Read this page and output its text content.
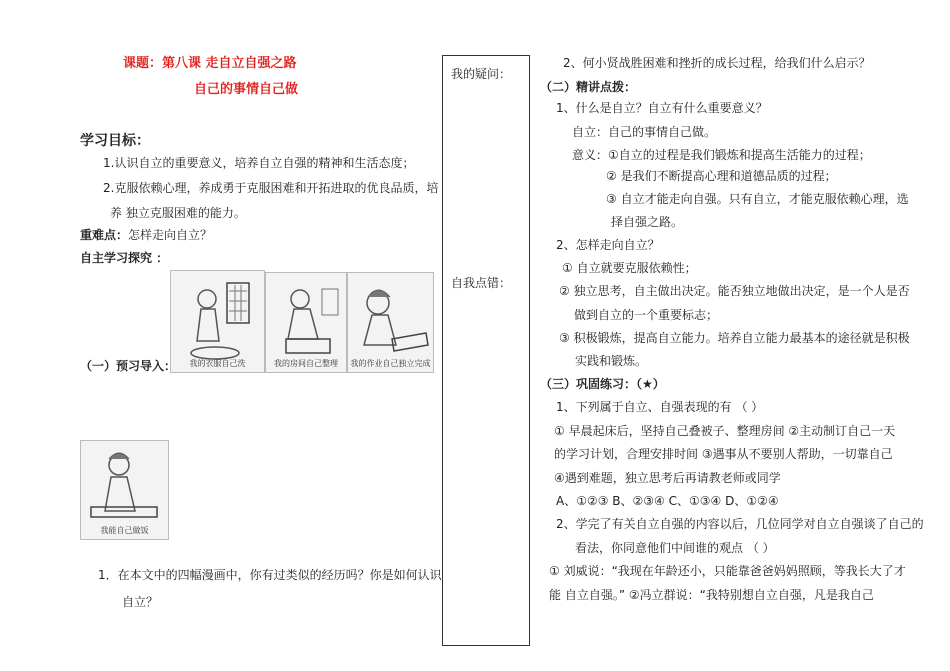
课题：第八课 走自立自强之路
自己的事情自己做
学习目标：
1.认识自立的重要意义，培养自立自强的精神和生活态度；
2.克服依赖心理，养成勇于克服困难和开拓进取的优良品质，培
养 独立克服困难的能力。
重难点：怎样走向自立？
自主学习探究 ：
我的衣服自己洗	我的房间自己整理	我的作业自己独立完成
（一）预习导入：
我能自己做饭
1．在本文中的四幅漫画中，你有过类似的经历吗？你是如何认识
自立？
我的疑问：
自我点错：
2、何小贤战胜困难和挫折的成长过程，给我们什么启示？
（二）精讲点拨：
1、什么是自立？自立有什么重要意义？
自立：自己的事情自己做。
意义：①自立的过程是我们锻炼和提高生活能力的过程；
② 是我们不断提高心理和道德品质的过程；
③ 自立才能走向自强。只有自立，才能克服依赖心理，选
择自强之路。
2、怎样走向自立？
① 自立就要克服依赖性；
② 独立思考，自主做出决定。能否独立地做出决定，是一个人是否
做到自立的一个重要标志；
③ 积极锻炼，提高自立能力。培养自立能力最基本的途径就是积极
实践和锻炼。
（三）巩固练习：（★）
1、下列属于自立、自强表现的有 （ ）
① 早晨起床后，坚持自己叠被子、整理房间 ②主动制订自己一天
的学习计划，合理安排时间 ③遇事从不要别人帮助，一切靠自己
④遇到难题，独立思考后再请教老师或同学
A、①②③ B、②③④ C、①③④ D、①②④
2、学完了有关自立自强的内容以后，几位同学对自立自强谈了自己的
看法，你同意他们中间谁的观点 （ ）
① 刘威说：“我现在年龄还小，只能靠爸爸妈妈照顾，等我长大了才
能 自立自强。” ②冯立群说：“我特别想自立自强，凡是我自己
